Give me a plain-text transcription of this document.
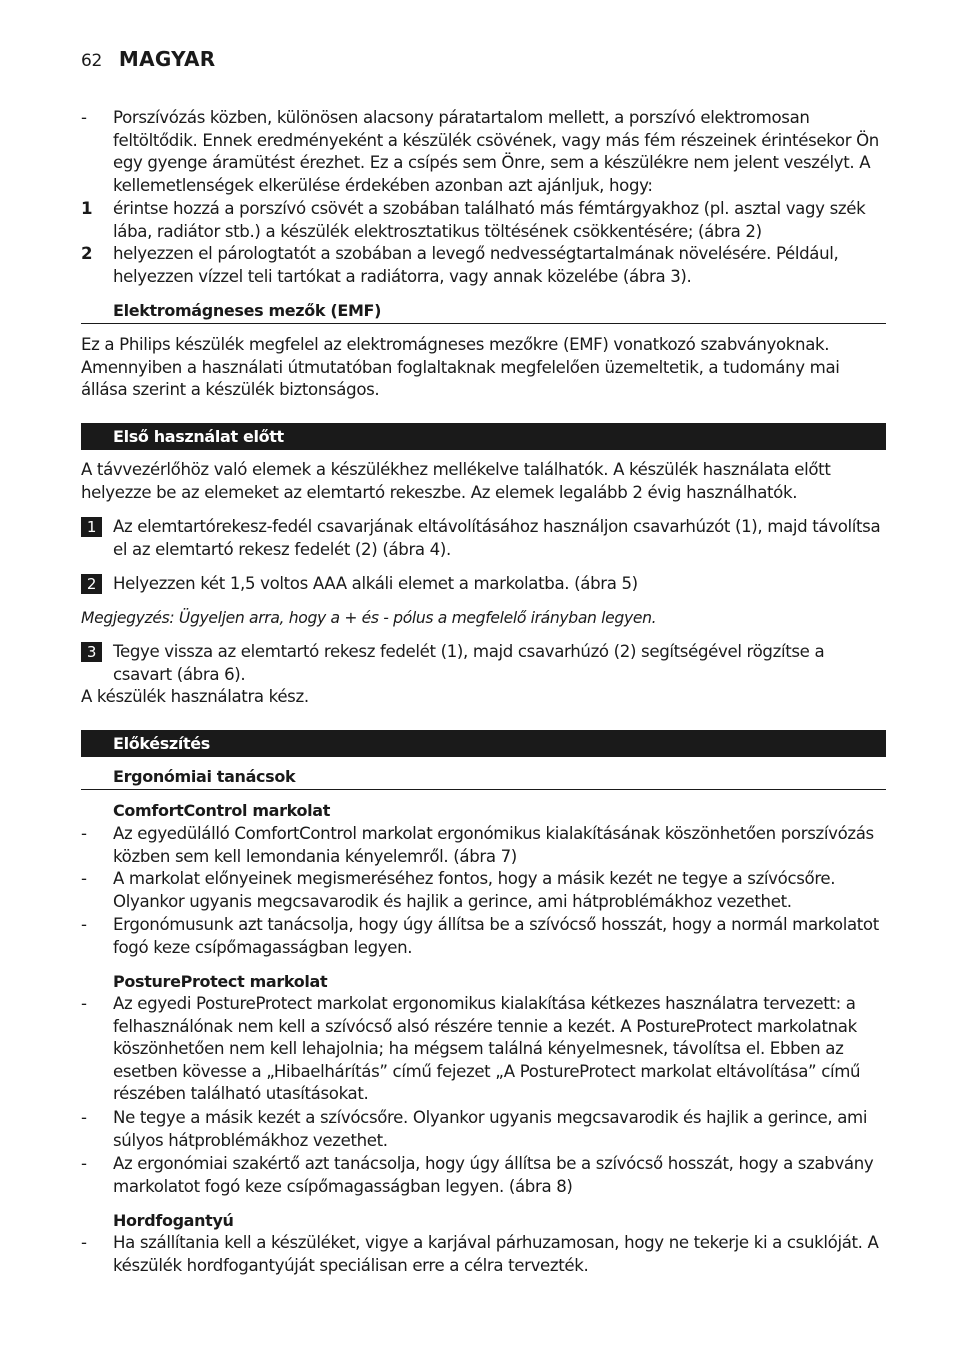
62 MAGYAR
-	Porszívózás közben, különösen alacsony páratartalom mellett, a porszívó elektromosan feltöltődik. Ennek eredményeként a készülék csövének, vagy más fém részeinek érintésekor Ön egy gyenge áramütést érezhet. Ez a csípés sem Önre, sem a készülékre nem jelent veszélyt. A kellemetlenségek elkerülése érdekében azonban azt ajánljuk, hogy:
1	érintse hozzá a porszívó csövét a szobában található más fémtárgyakhoz (pl. asztal vagy szék lába, radiátor stb.) a készülék elektrosztatikus töltésének csökkentésére; (ábra 2)
2	helyezzen el párologtatót a szobában a levegő nedvességtartalmának növelésére. Például, helyezzen vízzel teli tartókat a radiátorra, vagy annak közelébe (ábra 3).
Elektromágneses mezők (EMF)
Ez a Philips készülék megfelel az elektromágneses mezőkre (EMF) vonatkozó szabványoknak. Amennyiben a használati útmutatóban foglaltaknak megfelelően üzemeltetik, a tudomány mai állása szerint a készülék biztonságos.
Első használat előtt
A távvezérlőhöz való elemek a készülékhez mellékelve találhatók. A készülék használata előtt helyezze be az elemeket az elemtartó rekeszbe. Az elemek legalább 2 évig használhatók.
1	Az elemtartórekesz-fedél csavarjának eltávolításához használjon csavarhúzót (1), majd távolítsa el az elemtartó rekesz fedelét (2) (ábra 4).
2	Helyezzen két 1,5 voltos AAA alkáli elemet a markolatba. (ábra 5)
Megjegyzés: Ügyeljen arra, hogy a + és - pólus a megfelelő irányban legyen.
3	Tegye vissza az elemtartó rekesz fedelét (1), majd csavarhúzó (2) segítségével rögzítse a csavart (ábra 6).
A készülék használatra kész.
Előkészítés
Ergonómiai tanácsok
ComfortControl markolat
-	Az egyedülálló ComfortControl markolat ergonómikus kialakításának köszönhetően porszívózás közben sem kell lemondania kényelemről. (ábra 7)
-	A markolat előnyeinek megismeréséhez fontos, hogy a másik kezét ne tegye a szívócsőre. Olyankor ugyanis megcsavarodik és hajlik a gerince, ami hátproblémákhoz vezethet.
-	Ergonómusunk azt tanácsolja, hogy úgy állítsa be a szívócső hosszát, hogy a normál markolatot fogó keze csípőmagasságban legyen.
PostureProtect markolat
-	Az egyedi PostureProtect markolat ergonomikus kialakítása kétkezes használatra tervezett: a felhasználónak nem kell a szívócső alsó részére tennie a kezét. A PostureProtect markolatnak köszönhetően nem kell lehajolnia; ha mégsem találná kényelmesnek, távolítsa el. Ebben az esetben kövesse a „Hibaelhárítás” című fejezet „A PostureProtect markolat eltávolítása” című részében található utasításokat.
-	Ne tegye a másik kezét a szívócsőre. Olyankor ugyanis megcsavarodik és hajlik a gerince, ami súlyos hátproblémákhoz vezethet.
-	Az ergonómiai szakértő azt tanácsolja, hogy úgy állítsa be a szívócső hosszát, hogy a szabvány markolatot fogó keze csípőmagasságban legyen. (ábra 8)
Hordfogantyú
-	Ha szállítania kell a készüléket, vigye a karjával párhuzamosan, hogy ne tekerje ki a csuklóját. A készülék hordfogantyúját speciálisan erre a célra tervezték.
